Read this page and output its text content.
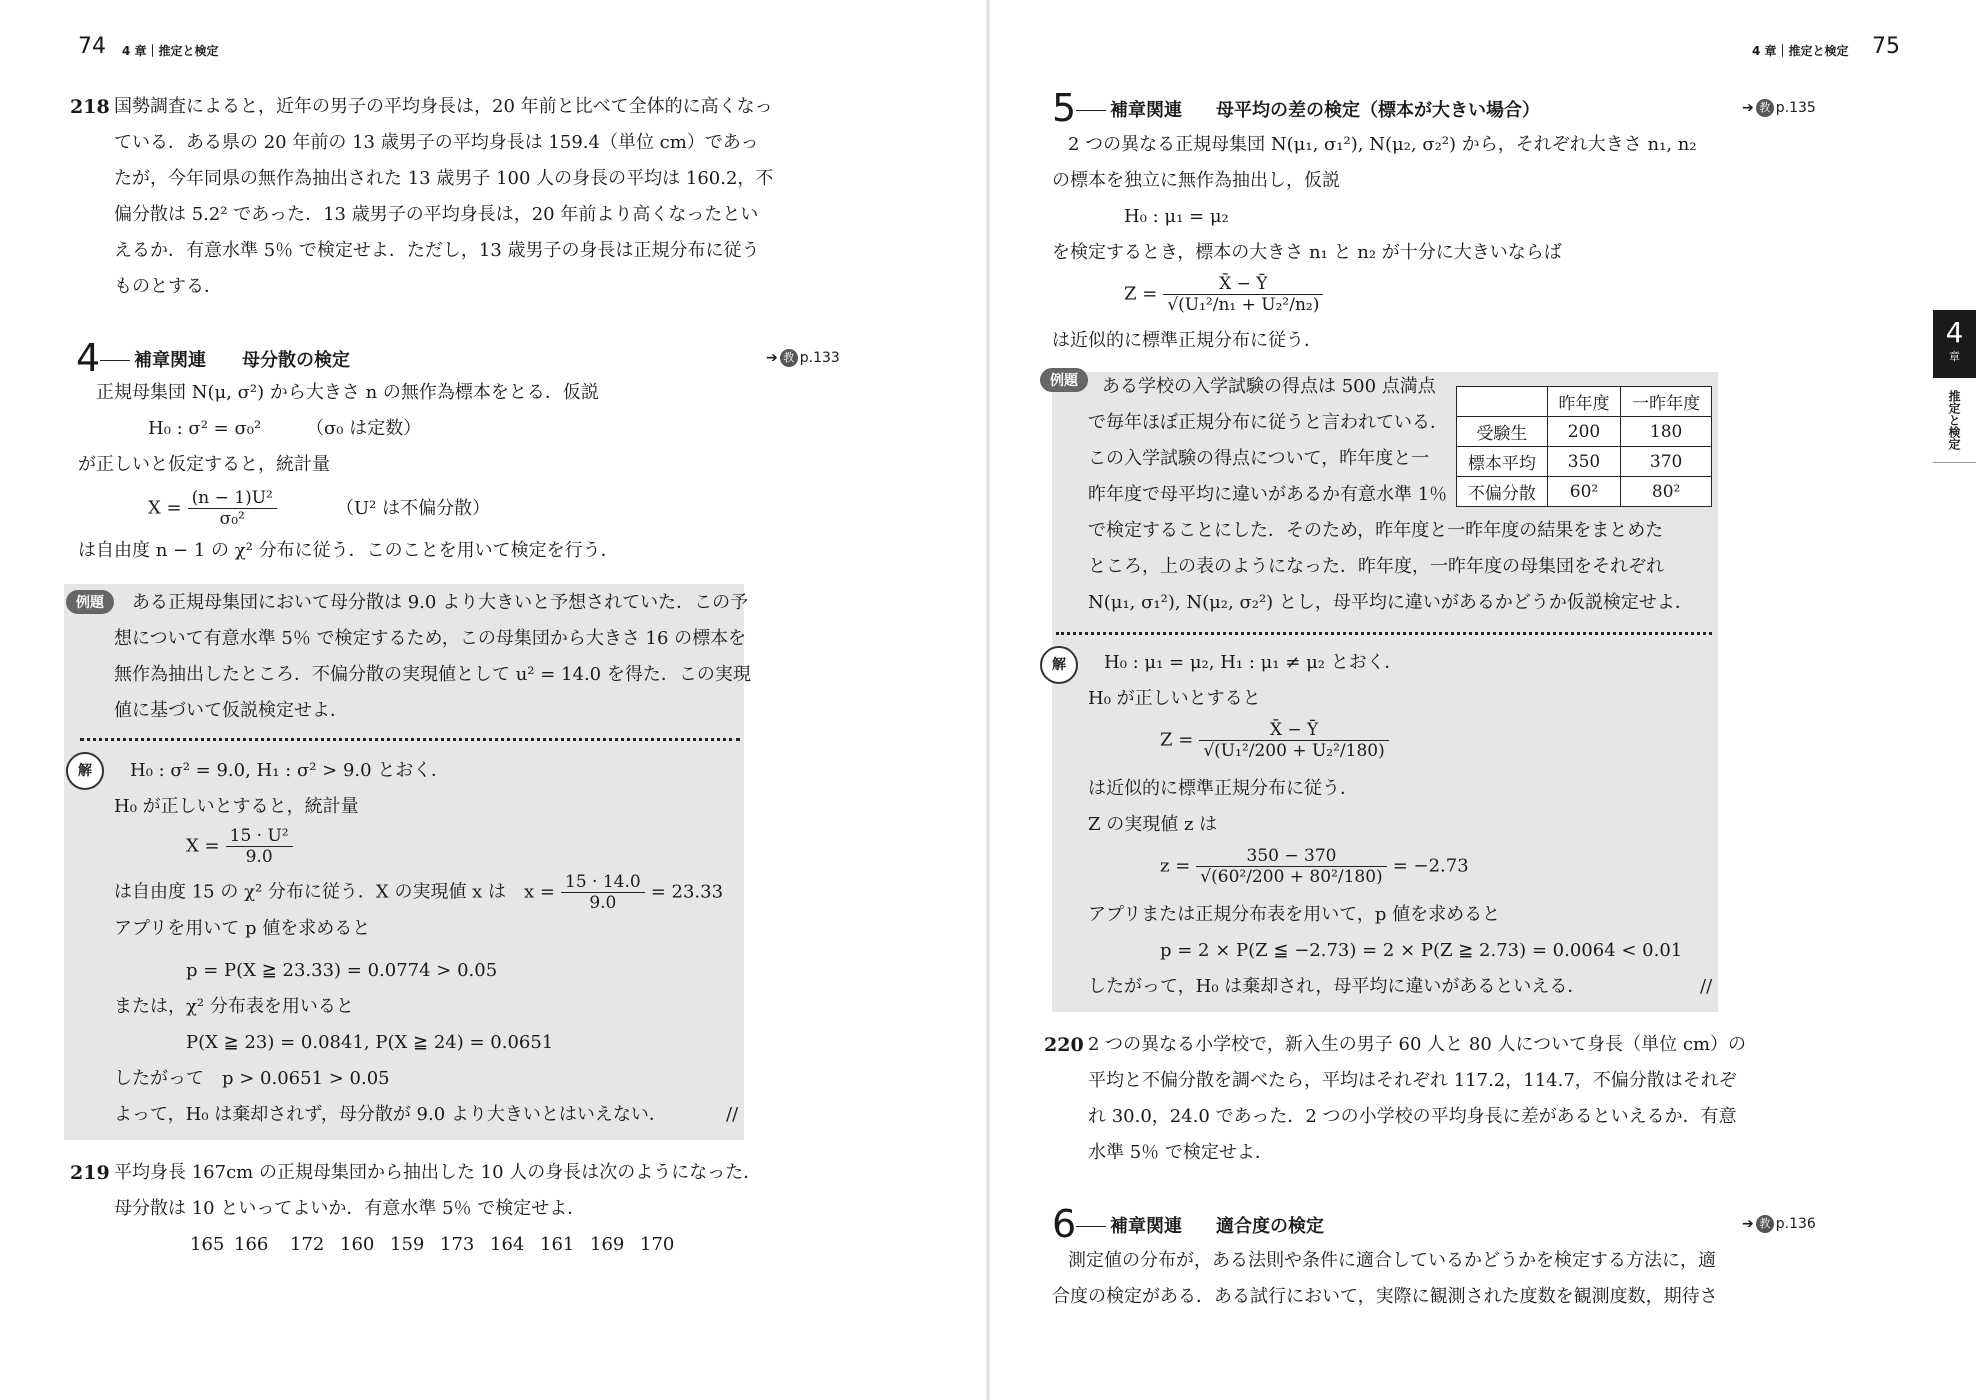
74 4 章｜推定と検定
218 国勢調査によると，近年の男子の平均身長は，20 年前と比べて全体的に高くなっ
ている．ある県の 20 年前の 13 歳男子の平均身長は 159.4（単位 cm）であっ
たが，今年同県の無作為抽出された 13 歳男子 100 人の身長の平均は 160.2，不
偏分散は 5.2² であった．13 歳男子の平均身長は，20 年前より高くなったとい
えるか．有意水準 5％ で検定せよ．ただし，13 歳男子の身長は正規分布に従う
ものとする．
4 補章関連 母分散の検定	➔ 教 p.133
正規母集団 N(μ, σ²) から大きさ n の無作為標本をとる．仮説
H₀ : σ² = σ₀² （σ₀ は定数）
が正しいと仮定すると，統計量
$X = \frac{\text{(n − 1)U²}}{\text{σ₀²}}$	（U² は不偏分散）
は自由度 n − 1 の χ² 分布に従う．このことを用いて検定を行う．
例題	ある正規母集団において母分散は 9.0 より大きいと予想されていた．この予
想について有意水準 5％ で検定するため，この母集団から大きさ 16 の標本を
無作為抽出したところ．不偏分散の実現値として u² = 14.0 を得た．この実現
値に基づいて仮説検定せよ．
解	H₀ : σ² = 9.0, H₁ : σ² > 9.0 とおく．
H₀ が正しいとすると，統計量
$X = \frac{\text{15 · U²}}{9.0}$
は自由度 15 の χ² 分布に従う．X の実現値 x は　$x = \frac{15 \cdot 14.0}{9.0} = 23.33$
アプリを用いて p 値を求めると
p = P(X ≧ 23.33) = 0.0774 > 0.05
または，χ² 分布表を用いると
P(X ≧ 23) = 0.0841, P(X ≧ 24) = 0.0651
したがって　p > 0.0651 > 0.05
よって，H₀ は棄却されず，母分散が 9.0 より大きいとはいえない．	//
219 平均身長 167cm の正規母集団から抽出した 10 人の身長は次のようになった．
母分散は 10 といってよいか．有意水準 5％ で検定せよ．
165 166 172 160 159 173 164 161 169 170
4 章｜推定と検定 75
5 補章関連 母平均の差の検定（標本が大きい場合）	➔ 教 p.135
2 つの異なる正規母集団 N(μ₁, σ₁²), N(μ₂, σ₂²) から，それぞれ大きさ n₁, n₂
の標本を独立に無作為抽出し，仮説
H₀ : μ₁ = μ₂
を検定するとき，標本の大きさ n₁ と n₂ が十分に大きいならば
$Z = \frac{X̄ - Ȳ}{\text{√(U₁²/n₁ + U₂²/n₂)}}$
は近似的に標準正規分布に従う．
例題	ある学校の入学試験の得点は 500 点満点
で毎年ほぼ正規分布に従うと言われている．
この入学試験の得点について，昨年度と一
昨年度で母平均に違いがあるか有意水準 1％
で検定することにした．そのため，昨年度と一昨年度の結果をまとめた
ところ，上の表のようになった．昨年度，一昨年度の母集団をそれぞれ
N(μ₁, σ₁²), N(μ₂, σ₂²) とし，母平均に違いがあるかどうか仮説検定せよ．
	昨年度	一昨年度
受験生	200	180
標本平均	350	370
不偏分散	60²	80²
解	H₀ : μ₁ = μ₂, H₁ : μ₁ ≠ μ₂ とおく．
H₀ が正しいとすると
$Z = \frac{X̄ - Ȳ}{\text{√(U₁²/200 + U₂²/180)}}$
は近似的に標準正規分布に従う．
Z の実現値 z は
$z = \frac{350 - 370}{\text{√(60²/200 + 80²/180)}} = -2.73$
アプリまたは正規分布表を用いて，p 値を求めると
p = 2 × P(Z ≦ −2.73) = 2 × P(Z ≧ 2.73) = 0.0064 < 0.01
したがって，H₀ は棄却され，母平均に違いがあるといえる．	//
220 2 つの異なる小学校で，新入生の男子 60 人と 80 人について身長（単位 cm）の
平均と不偏分散を調べたら，平均はそれぞれ 117.2，114.7，不偏分散はそれぞ
れ 30.0，24.0 であった．2 つの小学校の平均身長に差があるといえるか．有意
水準 5％ で検定せよ．
6 補章関連 適合度の検定	➔ 教 p.136
測定値の分布が，ある法則や条件に適合しているかどうかを検定する方法に，適
合度の検定がある．ある試行において，実際に観測された度数を観測度数，期待さ
4
章
推定と検定
